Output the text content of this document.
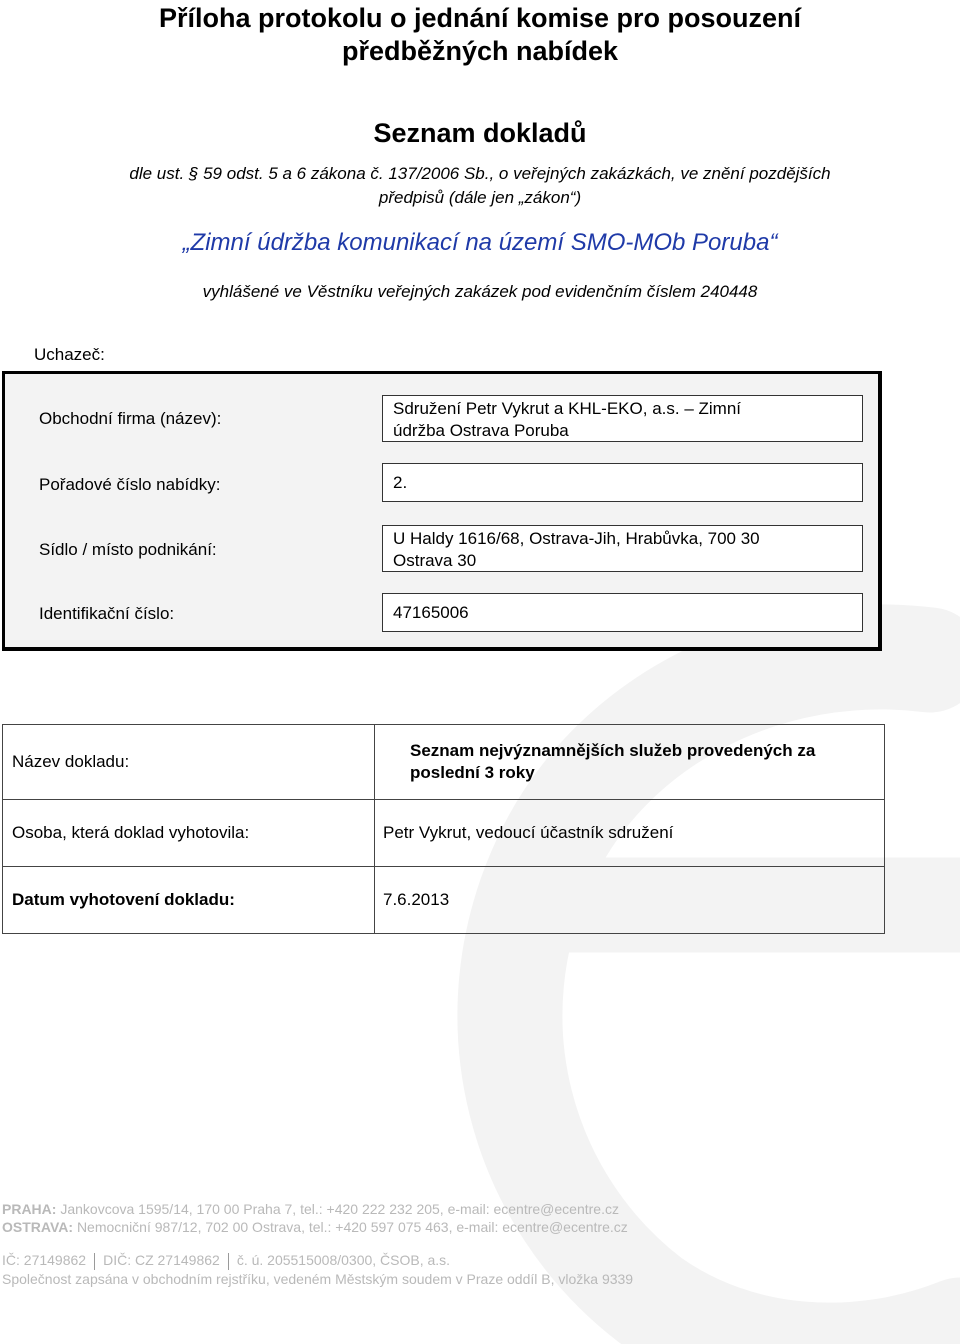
Příloha protokolu o jednání komise pro posouzení
předběžných nabídek
Seznam dokladů
dle ust. § 59 odst. 5 a 6 zákona č. 137/2006 Sb., o veřejných zakázkách, ve znění pozdějších
předpisů (dále jen „zákon“)
„Zimní údržba komunikací na území SMO-MOb Poruba“
vyhlášené ve Věstníku veřejných zakázek pod evidenčním číslem 240448
Uchazeč:
Obchodní firma (název):
Sdružení Petr Vykrut a KHL-EKO, a.s. – Zimní
údržba Ostrava Poruba
Pořadové číslo nabídky:	2.
Sídlo / místo podnikání:
U Haldy 1616/68, Ostrava-Jih, Hrabůvka, 700 30
Ostrava 30
Identifikační číslo:	47165006
Název dokladu:	Seznam nejvýznamnějších služeb provedených za
poslední 3 roky

Osoba, která doklad vyhotovila:	Petr Vykrut, vedoucí účastník sdružení
Datum vyhotovení dokladu:	7.6.2013
PRAHA: Jankovcova 1595/14, 170 00 Praha 7, tel.: +420 222 232 205, e-mail: ecentre@ecentre.cz
OSTRAVA: Nemocniční 987/12, 702 00 Ostrava, tel.: +420 597 075 463, e-mail: ecentre@ecentre.cz
IČ: 27149862 DIČ: CZ 27149862 č. ú. 205515008/0300, ČSOB, a.s.
Společnost zapsána v obchodním rejstříku, vedeném Městským soudem v Praze oddíl B, vložka 9339
